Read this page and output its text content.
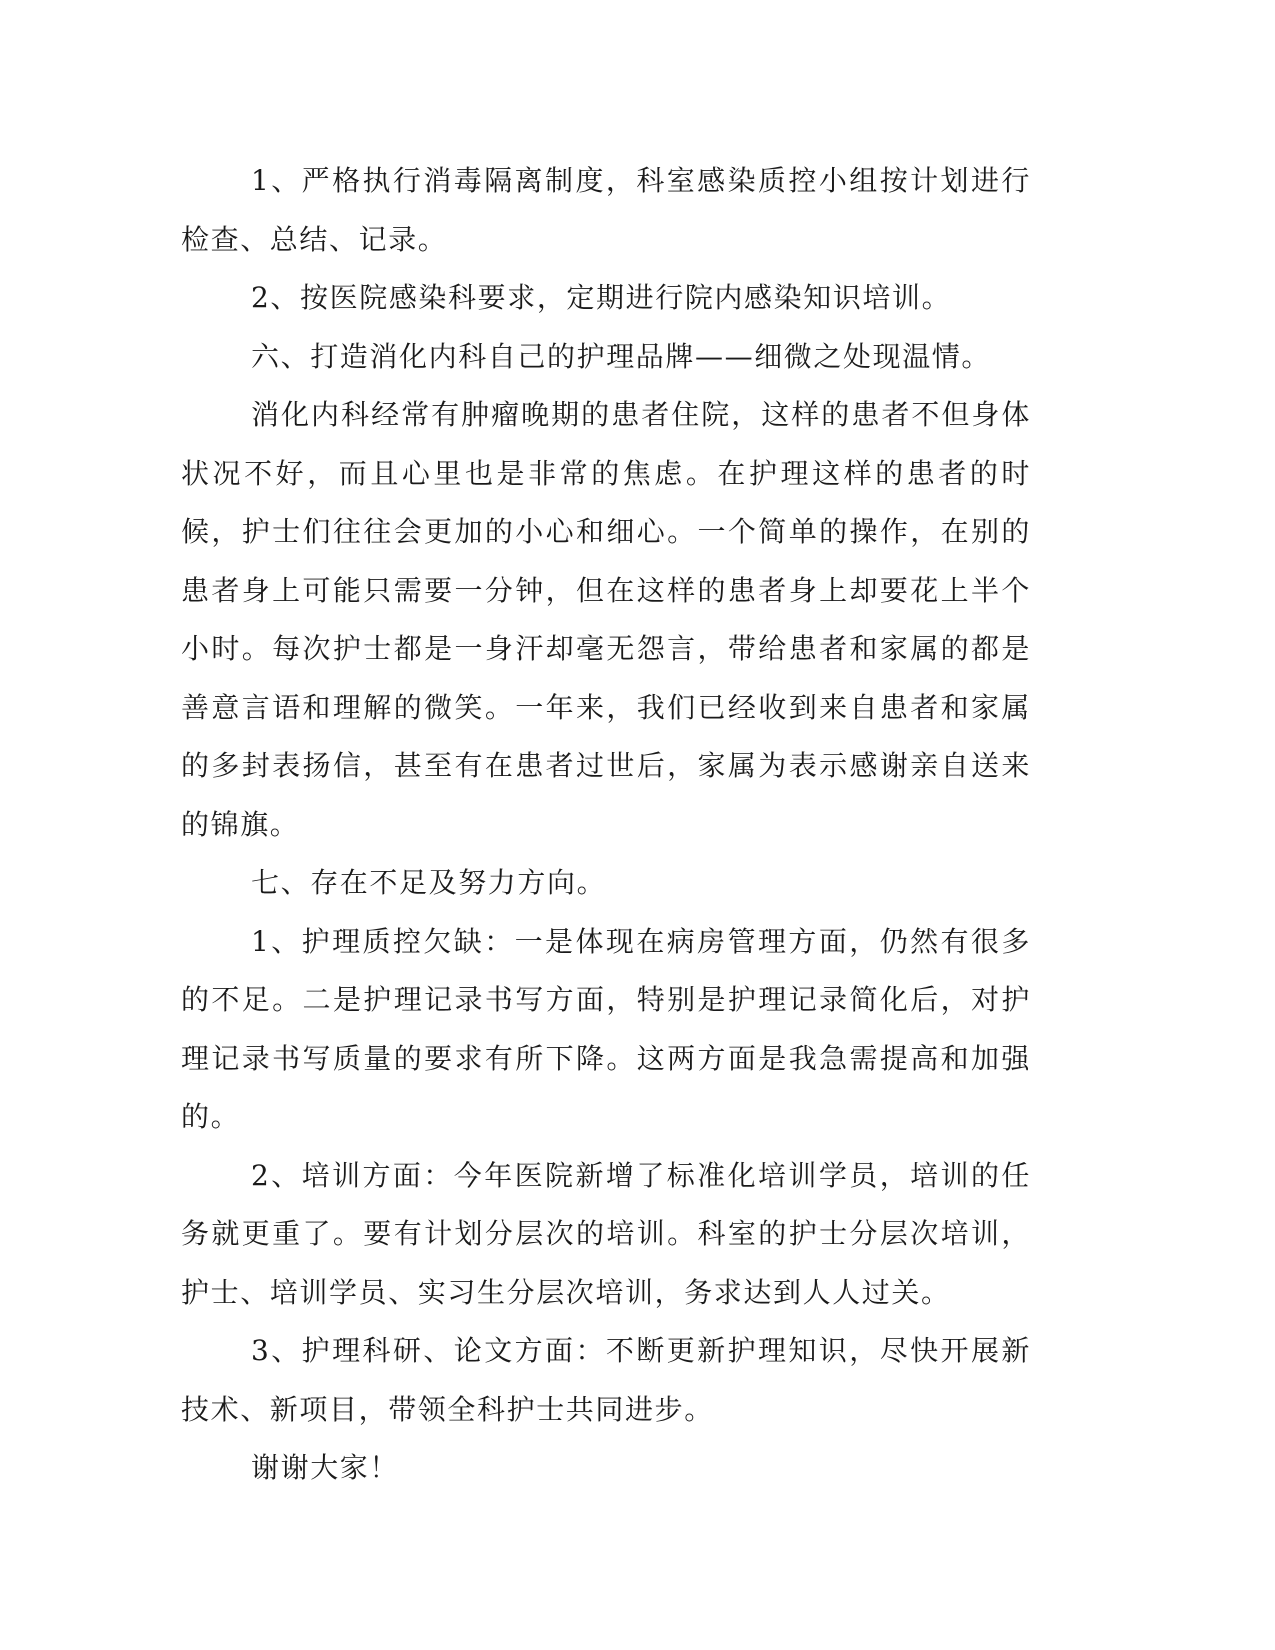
1、严格执行消毒隔离制度，科室感染质控小组按计划进行检查、总结、记录。

2、按医院感染科要求，定期进行院内感染知识培训。

六、打造消化内科自己的护理品牌——细微之处现温情。

消化内科经常有肿瘤晚期的患者住院，这样的患者不但身体状况不好，而且心里也是非常的焦虑。在护理这样的患者的时候，护士们往往会更加的小心和细心。一个简单的操作，在别的患者身上可能只需要一分钟，但在这样的患者身上却要花上半个小时。每次护士都是一身汗却毫无怨言，带给患者和家属的都是善意言语和理解的微笑。一年来，我们已经收到来自患者和家属的多封表扬信，甚至有在患者过世后，家属为表示感谢亲自送来的锦旗。

七、存在不足及努力方向。

1、护理质控欠缺：一是体现在病房管理方面，仍然有很多的不足。二是护理记录书写方面，特别是护理记录简化后，对护理记录书写质量的要求有所下降。这两方面是我急需提高和加强的。

2、培训方面：今年医院新增了标准化培训学员，培训的任务就更重了。要有计划分层次的培训。科室的护士分层次培训，护士、培训学员、实习生分层次培训，务求达到人人过关。

3、护理科研、论文方面：不断更新护理知识，尽快开展新技术、新项目，带领全科护士共同进步。

谢谢大家！
